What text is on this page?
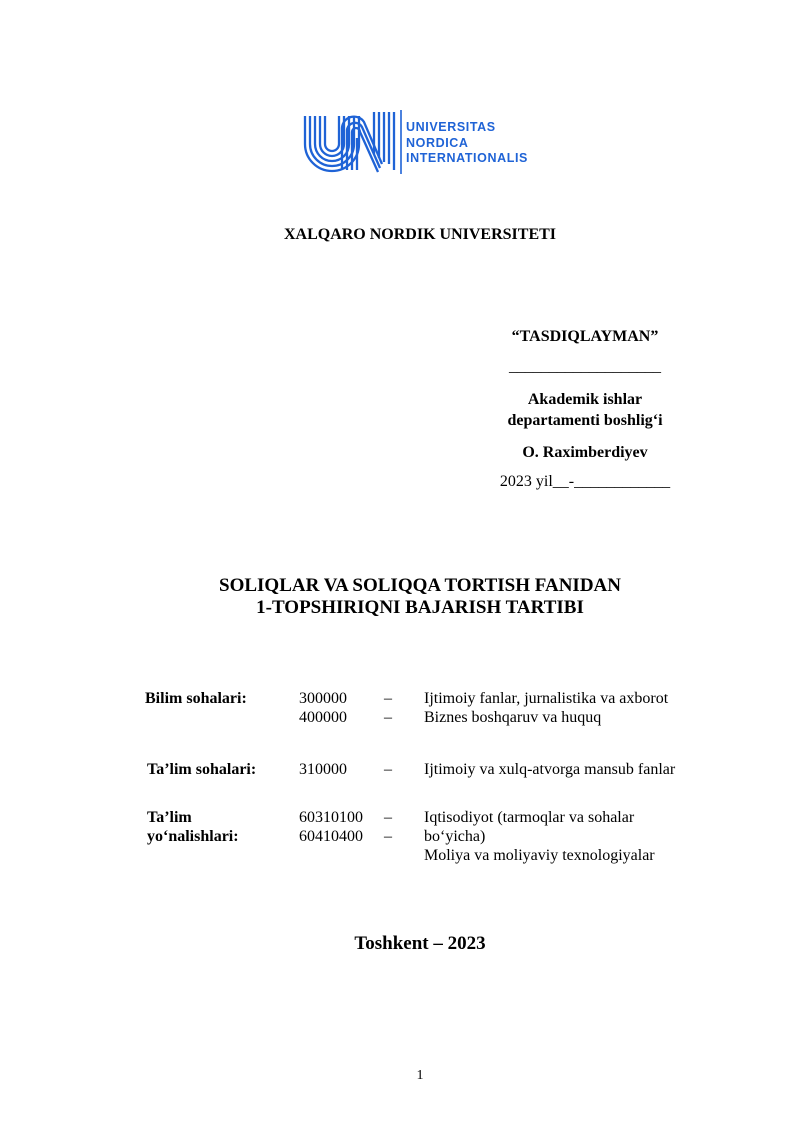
UNIVERSITAS
NORDICA
INTERNATIONALIS
XALQARO NORDIK UNIVERSITETI
“TASDIQLAYMAN”
___________________
Akademik ishlar
departamenti boshlig‘i
O. Raximberdiyev
2023 yil__-____________
SOLIQLAR VA SOLIQQA TORTISH FANIDAN
1-TOPSHIRIQNI BAJARISH TARTIBI
Bilim sohalari:	300000 – Ijtimoiy fanlar, jurnalistika va axborot
400000 – Biznes boshqaruv va huquq
Ta’lim sohalari:	310000 – Ijtimoiy va xulq-atvorga mansub fanlar
Ta’lim
yo‘nalishlari:
60310100 – Iqtisodiyot (tarmoqlar va sohalar
60410400 – bo‘yicha)
Moliya va moliyaviy texnologiyalar
Toshkent – 2023
1
